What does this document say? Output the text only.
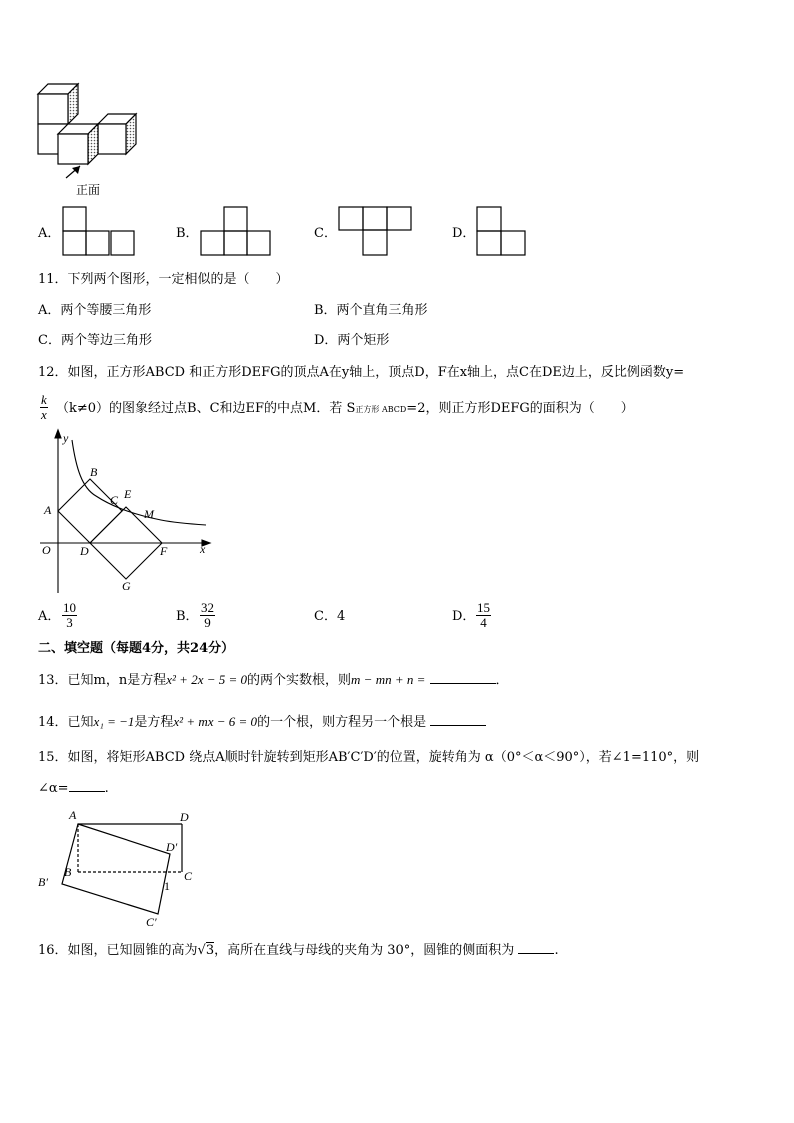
正面
A．	B．	C．	D．
11．下列两个图形，一定相似的是（　　）
A．两个等腰三角形	B．两个直角三角形
C．两个等边三角形	D．两个矩形
12．如图，正方形ABCD 和正方形DEFG的顶点A在y轴上，顶点D，F在x轴上，点C在DE边上，反比例函数y=
$\frac{k}{x} (k\ne 0)$的图象经过点B、C和边EF的中点M．若 S正方形 ABCD=2，则正方形DEFG的面积为（　　）
y
x
O
A
B
C
D
E
F
G
M
A． $\frac{10}{3}$	B． $\frac{32}{9}$	C．4	D． $\frac{15}{4}$
二、填空题（每题4分，共24分）
13．已知m，n是方程x² + 2x − 5 = 0的两个实数根，则m − mn + n =	．
14．已知x₁ = −1是方程x² + mx − 6 = 0的一个根，则方程另一个根是
15．如图，将矩形ABCD 绕点A顺时针旋转到矩形AB′C′D′的位置，旋转角为 α（0°＜α＜90°），若∠1=110°，则
∠α=	.
A	D
D′
B
B′	C
C′
1
16．如图，已知圆锥的高为√3，高所在直线与母线的夹角为 30°，圆锥的侧面积为	.
